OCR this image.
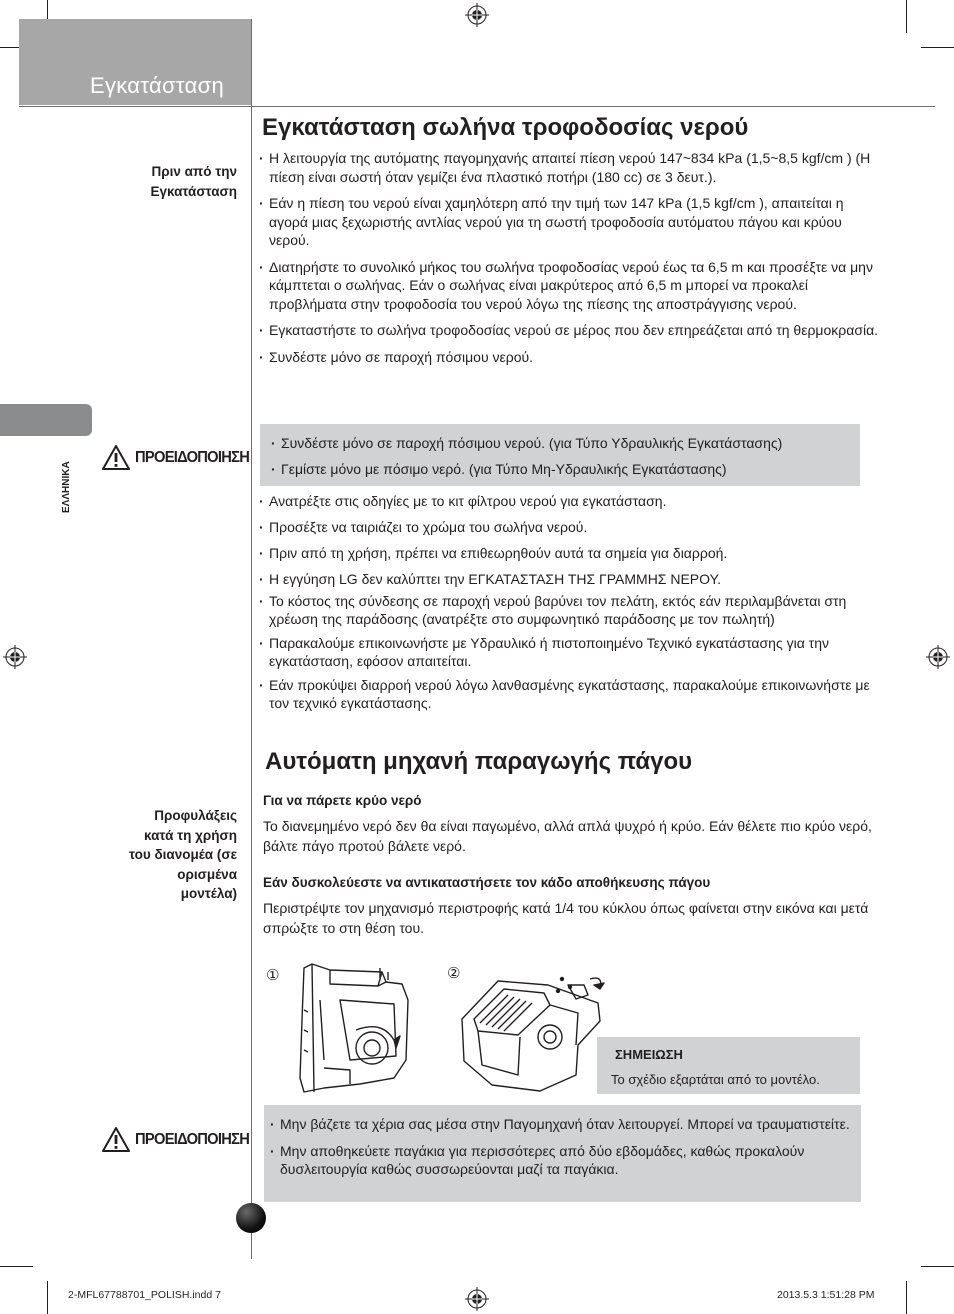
Εγκατάσταση
ΕΛΛΗΝΙΚΑ
Εγκατάσταση σωλήνα τροφοδοσίας νερού
Πριν από την
Εγκατάσταση
· Η λειτουργία της αυτόματης παγομηχανής απαιτεί πίεση νερού 147~834 kPa (1,5~8,5 kgf/cm ) (Η πίεση είναι σωστή όταν γεμίζει ένα πλαστικό ποτήρι (180 cc) σε 3 δευτ.).
· Εάν η πίεση του νερού είναι χαμηλότερη από την τιμή των 147 kPa (1,5 kgf/cm ), απαιτείται η αγορά μιας ξεχωριστής αντλίας νερού για τη σωστή τροφοδοσία αυτόματου πάγου και κρύου νερού.
· Διατηρήστε το συνολικό μήκος του σωλήνα τροφοδοσίας νερού έως τα 6,5 m και προσέξτε να μην κάμπτεται ο σωλήνας. Εάν ο σωλήνας είναι μακρύτερος από 6,5 m μπορεί να προκαλεί προβλήματα στην τροφοδοσία του νερού λόγω της πίεσης της αποστράγγισης νερού.
· Εγκαταστήστε το σωλήνα τροφοδοσίας νερού σε μέρος που δεν επηρεάζεται από τη θερμοκρασία.
· Συνδέστε μόνο σε παροχή πόσιμου νερού.
ΠΡΟΕΙΔΟΠΟΙΗΣΗ
· Συνδέστε μόνο σε παροχή πόσιμου νερού. (για Τύπο Υδραυλικής Εγκατάστασης)
· Γεμίστε μόνο με πόσιμο νερό. (για Τύπο Μη-Υδραυλικής Εγκατάστασης)
· Ανατρέξτε στις οδηγίες με το κιτ φίλτρου νερού για εγκατάσταση.
· Προσέξτε να ταιριάζει το χρώμα του σωλήνα νερού.
· Πριν από τη χρήση, πρέπει να επιθεωρηθούν αυτά τα σημεία για διαρροή.
· Η εγγύηση LG δεν καλύπτει την ΕΓΚΑΤΑΣΤΑΣΗ ΤΗΣ ΓΡΑΜΜΗΣ ΝΕΡΟΥ.
· Το κόστος της σύνδεσης σε παροχή νερού βαρύνει τον πελάτη, εκτός εάν περιλαμβάνεται στη χρέωση της παράδοσης (ανατρέξτε στο συμφωνητικό παράδοσης με τον πωλητή)
· Παρακαλούμε επικοινωνήστε με Υδραυλικό ή πιστοποιημένο Τεχνικό εγκατάστασης για την εγκατάσταση, εφόσον απαιτείται.
· Εάν προκύψει διαρροή νερού λόγω λανθασμένης εγκατάστασης, παρακαλούμε επικοινωνήστε με τον τεχνικό εγκατάστασης.
Αυτόματη μηχανή παραγωγής πάγου
Προφυλάξεις
κατά τη χρήση
του διανομέα (σε
ορισμένα
μοντέλα)
Για να πάρετε κρύο νερό
Το διανεμημένο νερό δεν θα είναι παγωμένο, αλλά απλά ψυχρό ή κρύο. Εάν θέλετε πιο κρύο νερό, βάλτε πάγο προτού βάλετε νερό.
Εάν δυσκολεύεστε να αντικαταστήσετε τον κάδο αποθήκευσης πάγου
Περιστρέψτε τον μηχανισμό περιστροφής κατά 1/4 του κύκλου όπως φαίνεται στην εικόνα και μετά σπρώξτε το στη θέση του.
①	②
ΣΗΜΕΙΩΣΗ
Το σχέδιο εξαρτάται από το μοντέλο.
ΠΡΟΕΙΔΟΠΟΙΗΣΗ
· Μην βάζετε τα χέρια σας μέσα στην Παγομηχανή όταν λειτουργεί. Μπορεί να τραυματιστείτε.
· Μην αποθηκεύετε παγάκια για περισσότερες από δύο εβδομάδες, καθώς προκαλούν δυσλειτουργία καθώς συσσωρεύονται μαζί τα παγάκια.
2-MFL67788701_POLISH.indd 7	2013.5.3 1:51:28 PM
